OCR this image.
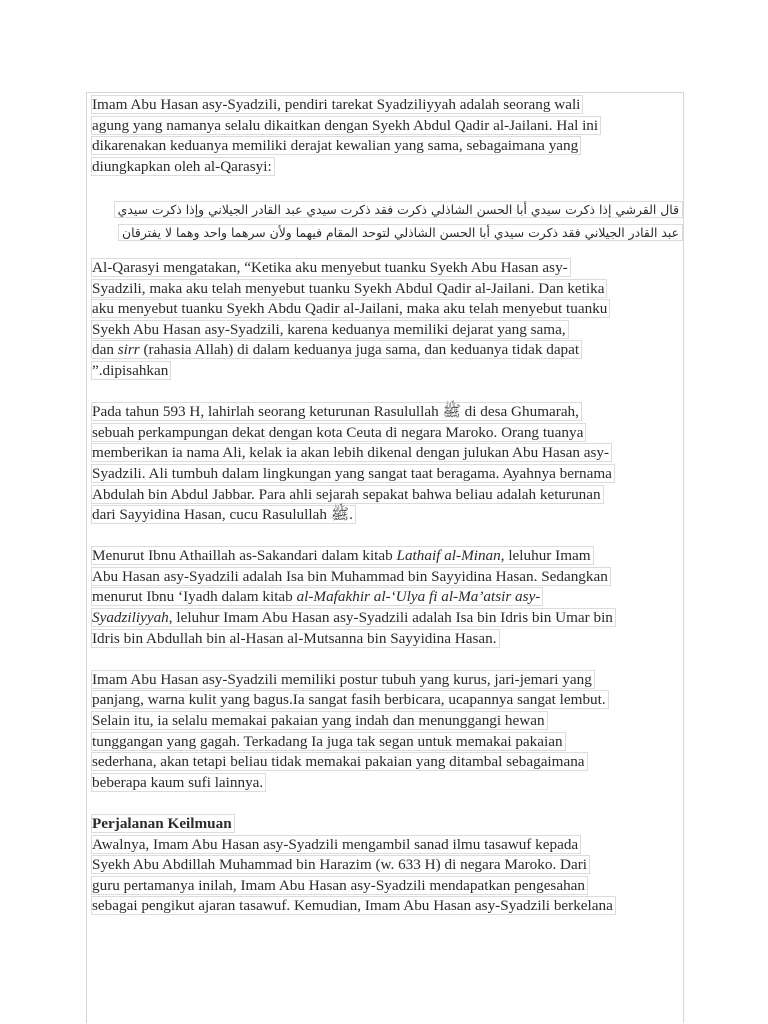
Imam Abu Hasan asy-Syadzili, pendiri tarekat Syadziliyyah adalah seorang wali
agung yang namanya selalu dikaitkan dengan Syekh Abdul Qadir al-Jailani. Hal ini
dikarenakan keduanya memiliki derajat kewalian yang sama, sebagaimana yang
diungkapkan oleh al-Qarasyi:
قال القرشي إذا ذكرت سيدي أبا الحسن الشاذلي ذكرت فقد ذكرت سيدي عبد القادر الجيلاني وإذا ذكرت سيدي
عبد القادر الجيلاني فقد ذكرت سيدي أبا الحسن الشاذلي لتوحد المقام فيهما ولأن سرهما واحد وهما لا يفترقان
Al-Qarasyi mengatakan, “Ketika aku menyebut tuanku Syekh Abu Hasan asy-
Syadzili, maka aku telah menyebut tuanku Syekh Abdul Qadir al-Jailani. Dan ketika
aku menyebut tuanku Syekh Abdu Qadir al-Jailani, maka aku telah menyebut tuanku
Syekh Abu Hasan asy-Syadzili, karena keduanya memiliki dejarat yang sama,
dan sirr (rahasia Allah) di dalam keduanya juga sama, dan keduanya tidak dapat
”.dipisahkan
Pada tahun 593 H, lahirlah seorang keturunan Rasulullah ﷺ di desa Ghumarah,
sebuah perkampungan dekat dengan kota Ceuta di negara Maroko. Orang tuanya
memberikan ia nama Ali, kelak ia akan lebih dikenal dengan julukan Abu Hasan asy-
Syadzili. Ali tumbuh dalam lingkungan yang sangat taat beragama. Ayahnya bernama
Abdulah bin Abdul Jabbar. Para ahli sejarah sepakat bahwa beliau adalah keturunan
dari Sayyidina Hasan, cucu Rasulullah ﷺ.
Menurut Ibnu Athaillah as-Sakandari dalam kitab Lathaif al-Minan, leluhur Imam
Abu Hasan asy-Syadzili adalah Isa bin Muhammad bin Sayyidina Hasan. Sedangkan
menurut Ibnu ‘Iyadh dalam kitab al-Mafakhir al-‘Ulya fi al-Ma’atsir asy-
Syadziliyyah, leluhur Imam Abu Hasan asy-Syadzili adalah Isa bin Idris bin Umar bin
Idris bin Abdullah bin al-Hasan al-Mutsanna bin Sayyidina Hasan.
Imam Abu Hasan asy-Syadzili memiliki postur tubuh yang kurus, jari-jemari yang
panjang, warna kulit yang bagus.Ia sangat fasih berbicara, ucapannya sangat lembut.
Selain itu, ia selalu memakai pakaian yang indah dan menunggangi hewan
tunggangan yang gagah. Terkadang Ia juga tak segan untuk memakai pakaian
sederhana, akan tetapi beliau tidak memakai pakaian yang ditambal sebagaimana
beberapa kaum sufi lainnya.
Perjalanan Keilmuan
Awalnya, Imam Abu Hasan asy-Syadzili mengambil sanad ilmu tasawuf kepada
Syekh Abu Abdillah Muhammad bin Harazim (w. 633 H) di negara Maroko. Dari
guru pertamanya inilah, Imam Abu Hasan asy-Syadzili mendapatkan pengesahan
sebagai pengikut ajaran tasawuf. Kemudian, Imam Abu Hasan asy-Syadzili berkelana
